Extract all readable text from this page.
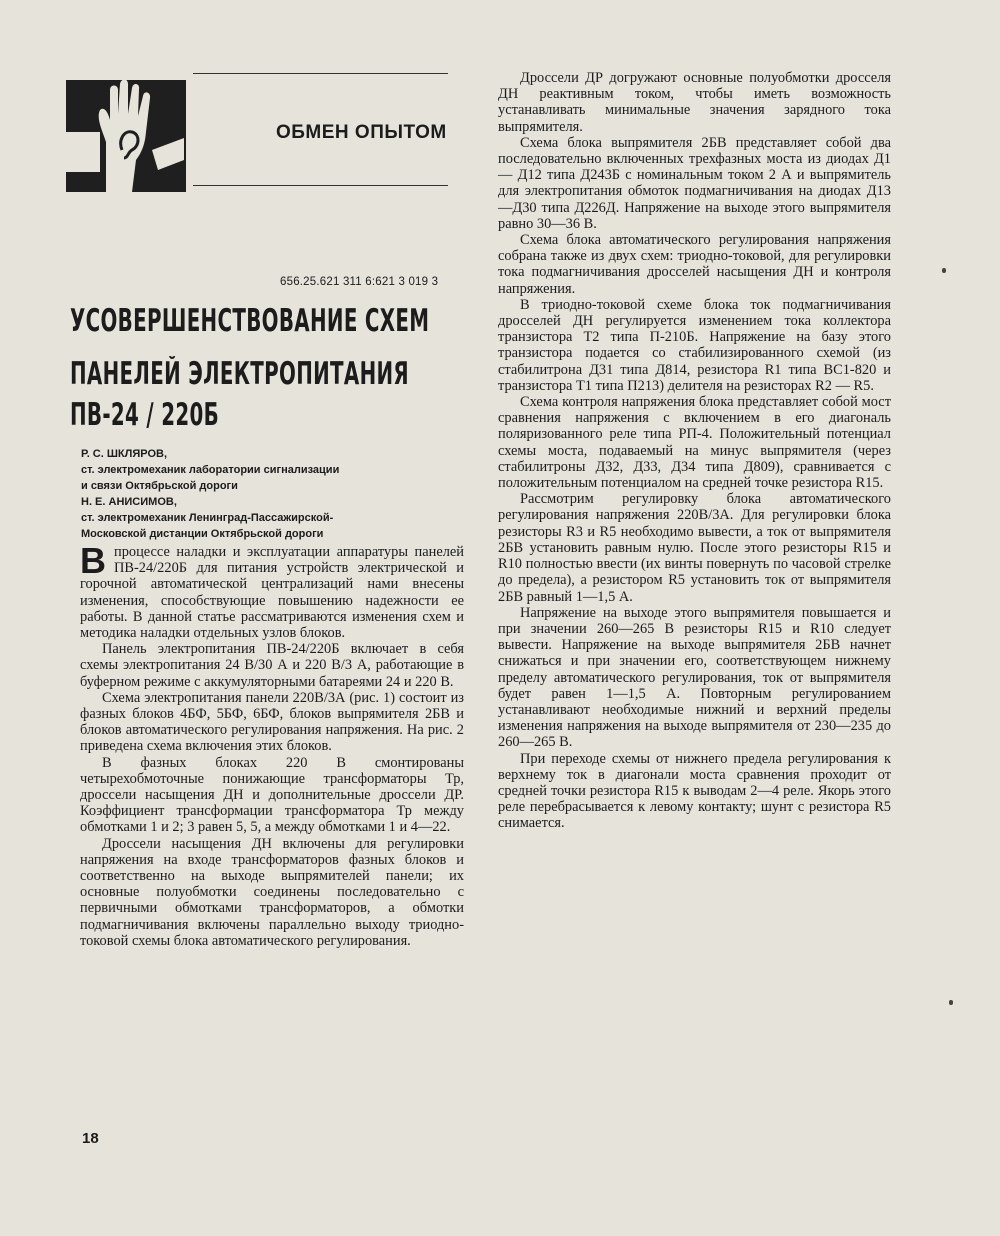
ОБМЕН ОПЫТОМ
656.25.621 311 6:621 3 019 3
УСОВЕРШЕНСТВОВАНИЕ СХЕМ
ПАНЕЛЕЙ ЭЛЕКТРОПИТАНИЯ
ПВ-24 / 220Б
Р. С. ШКЛЯРОВ,
ст. электромеханик лаборатории сигнализации
и связи Октябрьской дороги
Н. Е. АНИСИМОВ,
ст. электромеханик Ленинград-Пассажирской-
Московской дистанции Октябрьской дороги

Впроцессе наладки и эксплуатации аппаратуры панелей ПВ-24/220Б для питания устройств электрической и горочной автоматической централизаций нами внесены изменения, способствующие повышению надежности ее работы. В данной статье рассматриваются изменения схем и методика наладки отдельных узлов блоков.

Панель электропитания ПВ-24/220Б включает в себя схемы электропитания 24 В/30 А и 220 В/3 А, работающие в буферном режиме с аккумуляторными батареями 24 и 220 В.

Схема электропитания панели 220В/3А (рис. 1) состоит из фазных блоков 4БФ, 5БФ, 6БФ, блоков выпрямителя 2БВ и блоков автоматического регулирования напряжения. На рис. 2 приведена схема включения этих блоков.

В фазных блоках 220 В смонтированы четырехобмоточные понижающие трансформаторы Тр, дроссели насыщения ДН и дополнительные дроссели ДР. Коэффициент трансформации трансформатора Тр между обмотками 1 и 2; 3 равен 5, 5, а между обмотками 1 и 4—22.

Дроссели насыщения ДН включены для регулировки напряжения на входе трансформаторов фазных блоков и соответственно на выходе выпрямителей панели; их основные полуобмотки соединены последовательно с первичными обмотками трансформаторов, а обмотки подмагничивания включены параллельно выходу триодно-токовой схемы блока автоматического регулирования.

Дроссели ДР догружают основные полуобмотки дросселя ДН реактивным током, чтобы иметь возможность устанавливать минимальные значения зарядного тока выпрямителя.

Схема блока выпрямителя 2БВ представляет собой два последовательно включенных трехфазных моста из диодах Д1 — Д12 типа Д243Б с номинальным током 2 А и выпрямитель для электропитания обмоток подмагничивания на диодах Д13—Д30 типа Д226Д. Напряжение на выходе этого выпрямителя равно 30—36 В.

Схема блока автоматического регулирования напряжения собрана также из двух схем: триодно-токовой, для регулировки тока подмагничивания дросселей насыщения ДН и контроля напряжения.

В триодно-токовой схеме блока ток подмагничивания дросселей ДН регулируется изменением тока коллектора транзистора Т2 типа П-210Б. Напряжение на базу этого транзистора подается со стабилизированного схемой (из стабилитрона Д31 типа Д814, резистора R1 типа ВС1-820 и транзистора Т1 типа П213) делителя на резисторах R2 — R5.

Схема контроля напряжения блока представляет собой мост сравнения напряжения с включением в его диагональ поляризованного реле типа РП-4. Положительный потенциал схемы моста, подаваемый на минус выпрямителя (через стабилитроны Д32, Д33, Д34 типа Д809), сравнивается с положительным потенциалом на средней точке резистора R15.

Рассмотрим регулировку блока автоматического регулирования напряжения 220В/3А. Для регулировки блока резисторы R3 и R5 необходимо вывести, а ток от выпрямителя 2БВ установить равным нулю. После этого резисторы R15 и R10 полностью ввести (их винты повернуть по часовой стрелке до предела), а резистором R5 установить ток от выпрямителя 2БВ равный 1—1,5 А.

Напряжение на выходе этого выпрямителя повышается и при значении 260—265 В резисторы R15 и R10 следует вывести. Напряжение на выходе выпрямителя 2БВ начнет снижаться и при значении его, соответствующем нижнему пределу автоматического регулирования, ток от выпрямителя будет равен 1—1,5 А. Повторным регулированием устанавливают необходимые нижний и верхний пределы изменения напряжения на выходе выпрямителя от 230—235 до 260—265 В.

При переходе схемы от нижнего предела регулирования к верхнему ток в диагонали моста сравнения проходит от средней точки резистора R15 к выводам 2—4 реле. Якорь этого реле перебрасывается к левому контакту; шунт с резистора R5 снимается.

18
